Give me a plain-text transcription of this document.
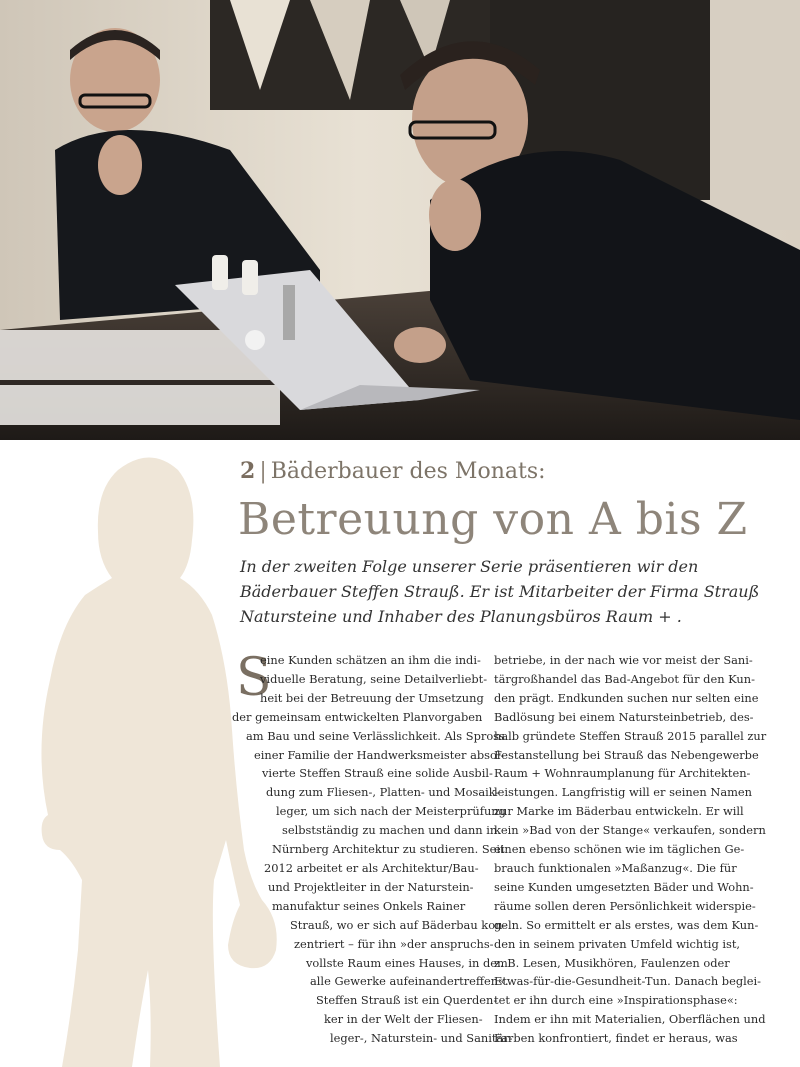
2 | Bäderbauer des Monats:
Betreuung von A bis Z

In der zweiten Folge unserer Serie präsentieren wir den

Bäderbauer Steffen Strauß. Er ist Mitarbeiter der Firma Strauß

Natursteine und Inhaber des Planungsbüros Raum + .

S
eine Kunden schätzen an ihm die indi-
viduelle Beratung, seine Detailverliebt-
heit bei der Betreuung der Umsetzung
der gemeinsam entwickelten Planvorgaben
am Bau und seine Verlässlichkeit. Als Spross
einer Familie der Handwerksmeister absol-
vierte Steffen Strauß eine solide Ausbil-
dung zum Fliesen-, Platten- und Mosaik-
leger, um sich nach der Meisterprüfung
selbstständig zu machen und dann in
Nürnberg Architektur zu studieren. Seit
2012 arbeitet er als Architektur/Bau-
und Projektleiter in der Naturstein-
manufaktur seines Onkels Rainer
Strauß, wo er sich auf Bäderbau kon-
zentriert – für ihn »der anspruchs-
vollste Raum eines Hauses, in dem
alle Gewerke aufeinandertreffen«.
Steffen Strauß ist ein Querden-
ker in der Welt der Fliesen-
leger-, Naturstein- und Sanitär-
betriebe, in der nach wie vor meist der Sani-
tärgroßhandel das Bad-Angebot für den Kun-
den prägt. Endkunden suchen nur selten eine
Badlösung bei einem Natursteinbetrieb, des-
halb gründete Steffen Strauß 2015 parallel zur
Festanstellung bei Strauß das Nebengewerbe
Raum + Wohnraumplanung für Architekten-
leistungen. Langfristig will er seinen Namen
zur Marke im Bäderbau entwickeln. Er will
kein »Bad von der Stange« verkaufen, sondern
einen ebenso schönen wie im täglichen Ge-
brauch funktionalen »Maßanzug«. Die für
seine Kunden umgesetzten Bäder und Wohn-
räume sollen deren Persönlichkeit widerspie-
geln. So ermittelt er als erstes, was dem Kun-
den in seinem privaten Umfeld wichtig ist,
z. B. Lesen, Musikhören, Faulenzen oder
Etwas-für-die-Gesundheit-Tun. Danach beglei-
tet er ihn durch eine »Inspirationsphase«:
Indem er ihn mit Materialien, Oberflächen und
Farben konfrontiert, findet er heraus, was
